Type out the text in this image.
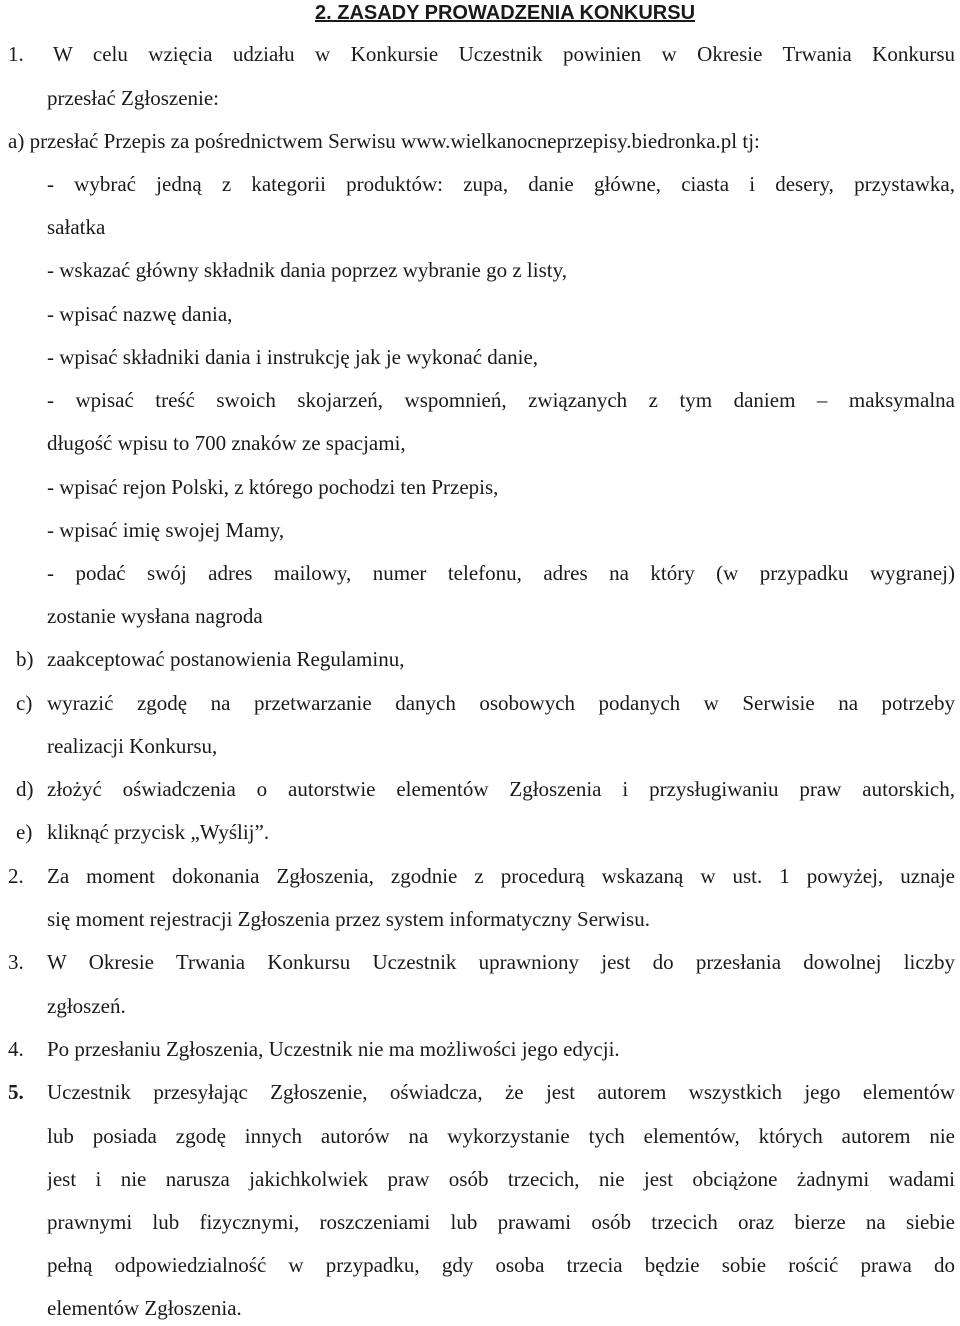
2. ZASADY PROWADZENIA KONKURSU
1. W celu wzięcia udziału w Konkursie Uczestnik powinien w Okresie Trwania Konkursu
przesłać Zgłoszenie:
a) przesłać Przepis za pośrednictwem Serwisu www.wielkanocneprzepisy.biedronka.pl tj:
- wybrać jedną z kategorii produktów: zupa, danie główne, ciasta i desery, przystawka,
sałatka
- wskazać główny składnik dania poprzez wybranie go z listy,
- wpisać nazwę dania,
- wpisać składniki dania i instrukcję jak je wykonać danie,
- wpisać treść swoich skojarzeń, wspomnień, związanych z tym daniem – maksymalna
długość wpisu to 700 znaków ze spacjami,
- wpisać rejon Polski, z którego pochodzi ten Przepis,
- wpisać imię swojej Mamy,
- podać swój adres mailowy, numer telefonu, adres na który (w przypadku wygranej)
zostanie wysłana nagroda
b) zaakceptować postanowienia Regulaminu,
c) wyrazić zgodę na przetwarzanie danych osobowych podanych w Serwisie na potrzeby
realizacji Konkursu,
d) złożyć oświadczenia o autorstwie elementów Zgłoszenia i przysługiwaniu praw autorskich,
e) kliknąć przycisk „Wyślij”.
2. Za moment dokonania Zgłoszenia, zgodnie z procedurą wskazaną w ust. 1 powyżej, uznaje
się moment rejestracji Zgłoszenia przez system informatyczny Serwisu.
3. W Okresie Trwania Konkursu Uczestnik uprawniony jest do przesłania dowolnej liczby
zgłoszeń.
4. Po przesłaniu Zgłoszenia, Uczestnik nie ma możliwości jego edycji.
5. Uczestnik przesyłając Zgłoszenie, oświadcza, że jest autorem wszystkich jego elementów
lub posiada zgodę innych autorów na wykorzystanie tych elementów, których autorem nie
jest i nie narusza jakichkolwiek praw osób trzecich, nie jest obciążone żadnymi wadami
prawnymi lub fizycznymi, roszczeniami lub prawami osób trzecich oraz bierze na siebie
pełną odpowiedzialność w przypadku, gdy osoba trzecia będzie sobie rościć prawa do
elementów Zgłoszenia.
